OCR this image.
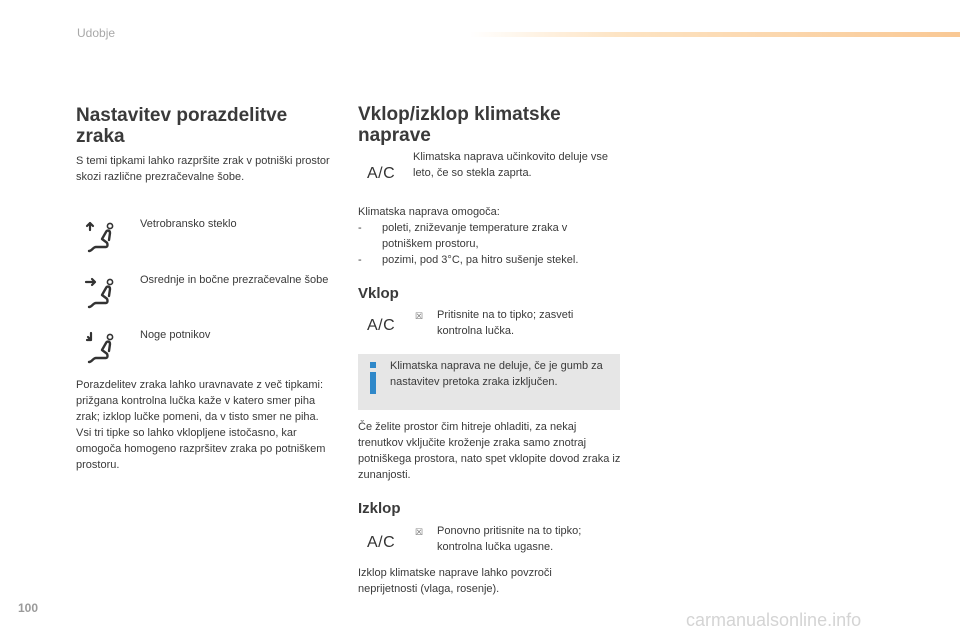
Udobje
Nastavitev porazdelitve zraka
S temi tipkami lahko razpršite zrak v potniški prostor skozi različne prezračevalne šobe.
Vetrobransko steklo
Osrednje in bočne prezračevalne šobe
Noge potnikov
Porazdelitev zraka lahko uravnavate z več tipkami: prižgana kontrolna lučka kaže v katero smer piha zrak; izklop lučke pomeni, da v tisto smer ne piha.
Vsi tri tipke so lahko vklopljene istočasno, kar omogoča homogeno razpršitev zraka po potniškem prostoru.
Vklop/izklop klimatske naprave
A/C
Klimatska naprava učinkovito deluje vse leto, če so stekla zaprta.
Klimatska naprava omogoča:
- poleti, zniževanje temperature zraka v potniškem prostoru,
- pozimi, pod 3°C, pa hitro sušenje stekel.
Vklop
A/C
☒	Pritisnite na to tipko; zasveti kontrolna lučka.
Klimatska naprava ne deluje, če je gumb za nastavitev pretoka zraka izključen.
Če želite prostor čim hitreje ohladiti, za nekaj trenutkov vključite kroženje zraka samo znotraj potniškega prostora, nato spet vklopite dovod zraka iz zunanjosti.
Izklop
A/C
☒	Ponovno pritisnite na to tipko; kontrolna lučka ugasne.
Izklop klimatske naprave lahko povzroči neprijetnosti (vlaga, rosenje).
100
carmanualsonline.info
